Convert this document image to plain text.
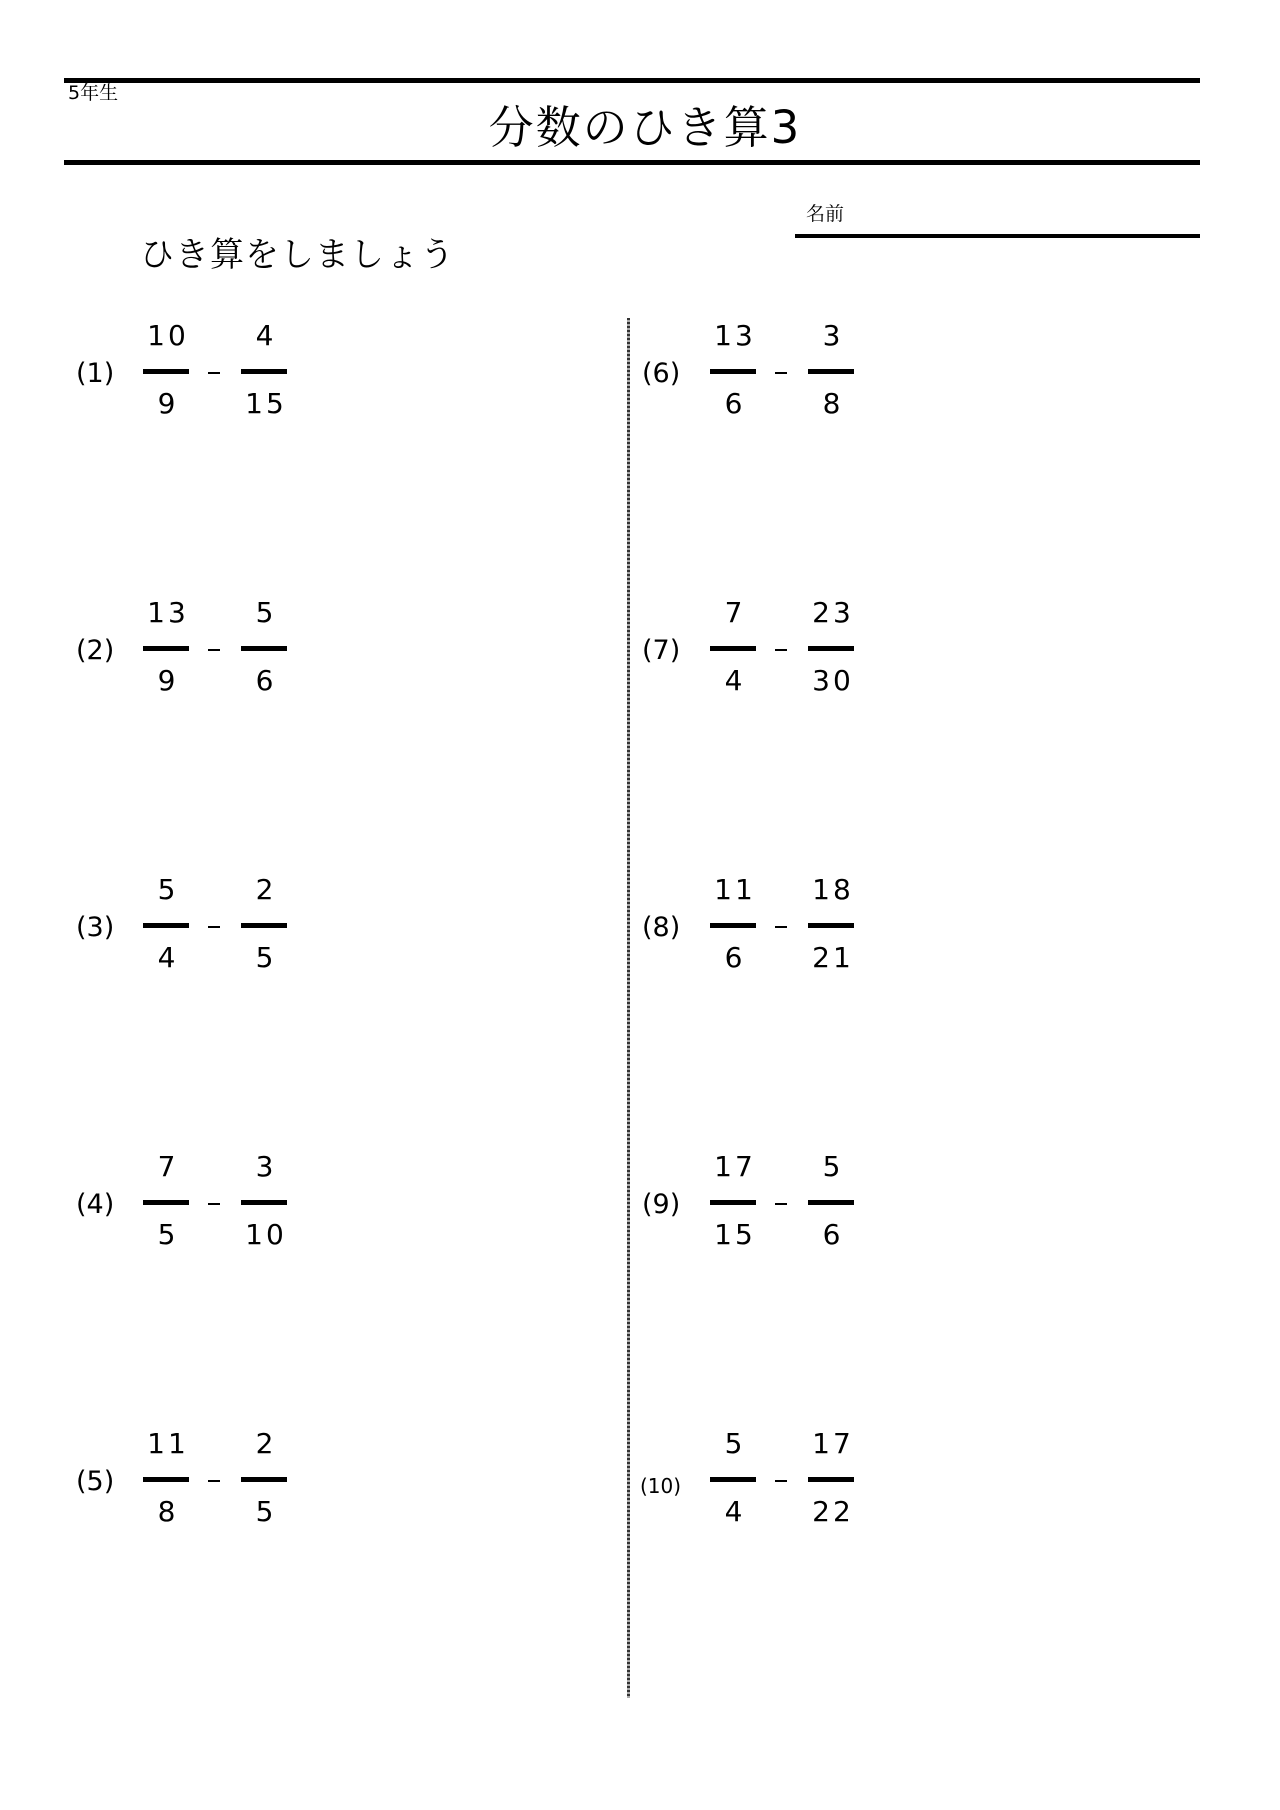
5年生
分数のひき算3
名前
ひき算をしましょう
(1)
10
9
4
15
(2)
13
9
5
6
(3)
5
4
2
5
(4)
7
5
3
10
(5)
11
8
2
5
(6)
13
6
3
8
(7)
7
4
23
30
(8)
11
6
18
21
(9)
17
15
5
6
(10)
5
4
17
22
